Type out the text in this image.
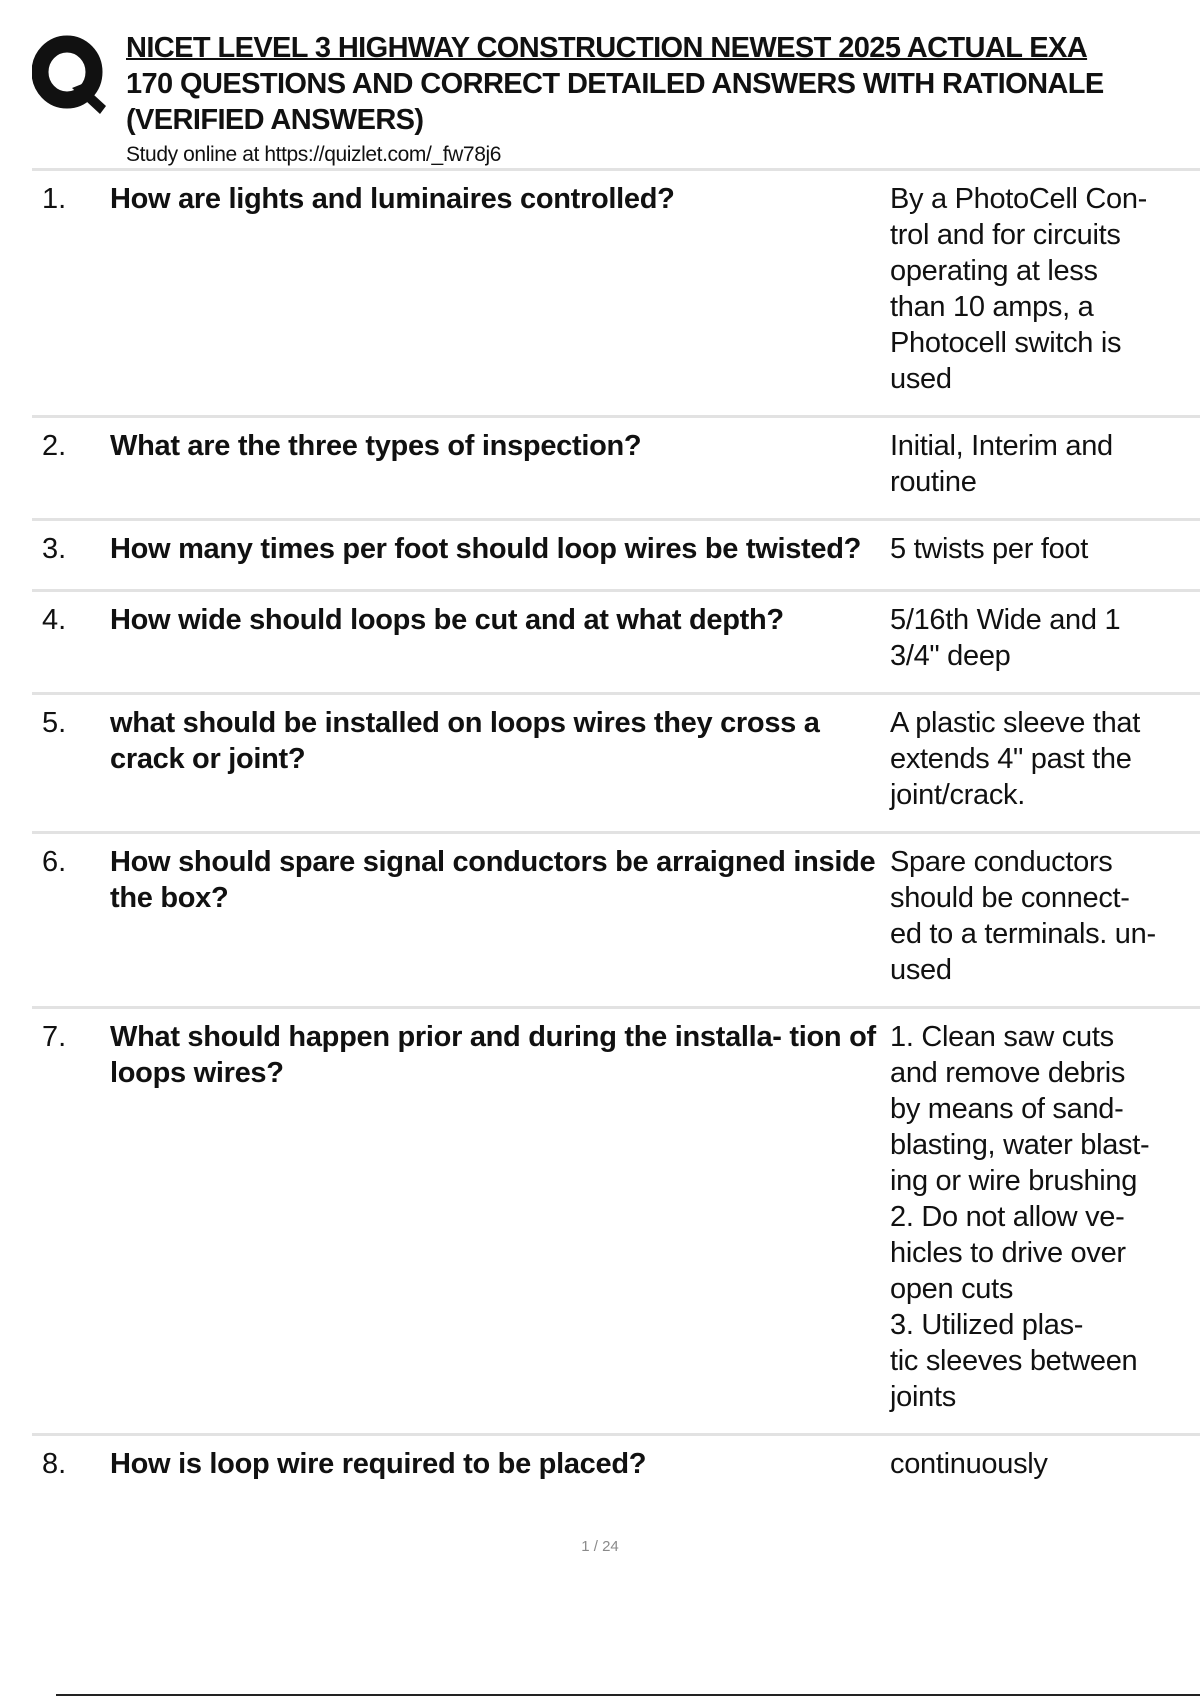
NICET LEVEL 3 HIGHWAY CONSTRUCTION NEWEST 2025 ACTUAL EXA
170 QUESTIONS AND CORRECT DETAILED ANSWERS WITH RATIONALE
(VERIFIED ANSWERS)
Study online at https://quizlet.com/_fw78j6
1. How are lights and luminaires controlled?	By a PhotoCell Con-
trol and for circuits
operating at less
than 10 amps, a
Photocell switch is
used
2. What are the three types of inspection?	Initial, Interim and
routine
3. How many times per foot should loop wires be twisted? 5 twists per foot
4. How wide should loops be cut and at what depth?	5/16th Wide and 1
3/4" deep
5. what should be installed on loops wires they cross a crack or joint?
A plastic sleeve that
extends 4" past the
joint/crack.
6. How should spare signal conductors be arraigned inside the box?
Spare conductors
should be connect-
ed to a terminals. un-
used
7. What should happen prior and during the installa- tion of loops wires?
1. Clean saw cuts
and remove debris
by means of sand-
blasting, water blast-
ing or wire brushing
2. Do not allow ve-
hicles to drive over
open cuts
3. Utilized plas-
tic sleeves between
joints
8. How is loop wire required to be placed?	continuously
1 / 24
